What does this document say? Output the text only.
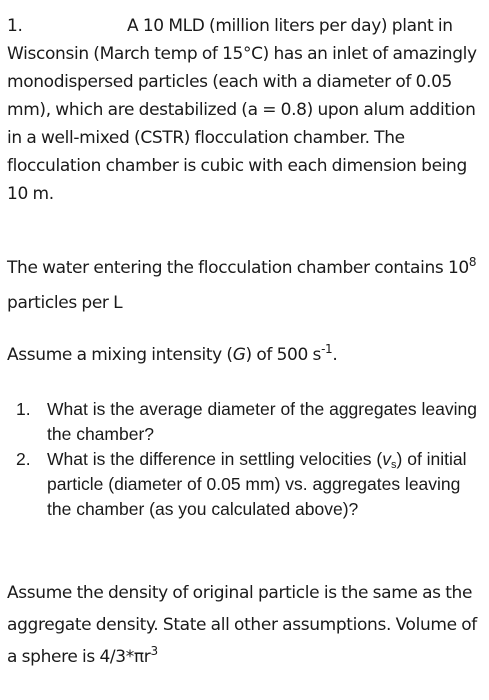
1.	A 10 MLD (million liters per day) plant in Wisconsin (March temp of 15°C) has an inlet of amazingly monodispersed particles (each with a diameter of 0.05 mm), which are destabilized (a = 0.8) upon alum addition in a well-mixed (CSTR) flocculation chamber. The flocculation chamber is cubic with each dimension being 10 m.
The water entering the flocculation chamber contains $10^8$ particles per L
Assume a mixing intensity (G) of 500 $s^{-1}$.
1. What is the average diameter of the aggregates leaving the chamber?
2. What is the difference in settling velocities $(v_s)$ of initial particle (diameter of 0.05 mm) vs. aggregates leaving the chamber (as you calculated above)?
Assume the density of original particle is the same as the aggregate density. State all other assumptions. Volume of a sphere is $4/3*\pi r^3$
